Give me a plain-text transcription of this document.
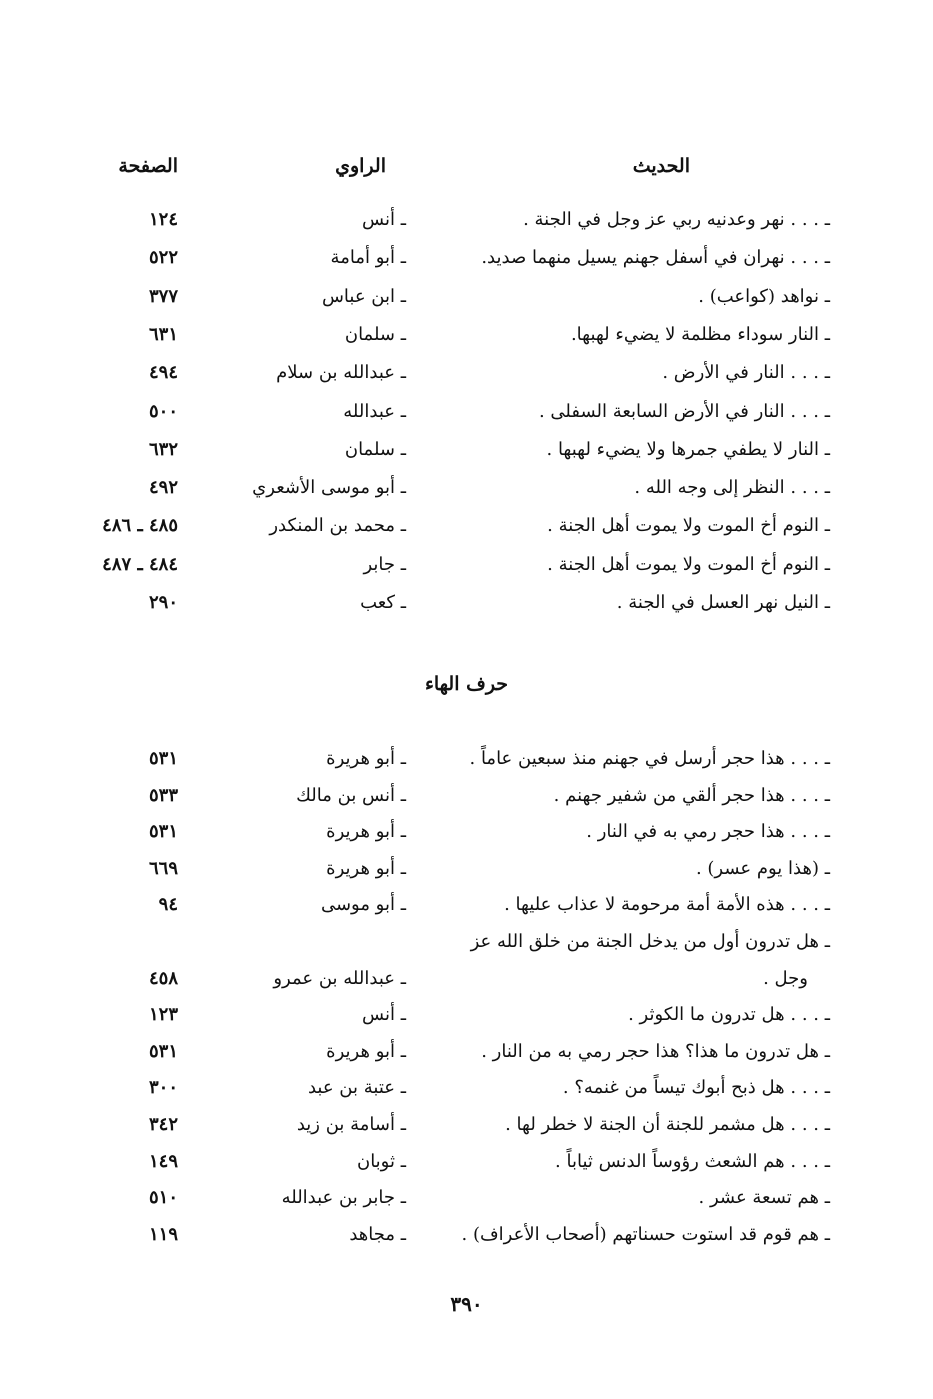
الحديث
الراوي
الصفحة
ـ . . . نهر وعدنيه ربي عز وجل في الجنة .
ـ أنس
١٢٤
ـ . . . نهران في أسفل جهنم يسيل منهما صديد.
ـ أبو أمامة
٥٢٢
ـ نواهد (كواعب) .
ـ ابن عباس
٣٧٧
ـ النار سوداء مظلمة لا يضيء لهبها.
ـ سلمان
٦٣١
ـ . . . النار في الأرض .
ـ عبدالله بن سلام
٤٩٤
ـ . . . النار في الأرض السابعة السفلى .
ـ عبدالله
٥٠٠
ـ النار لا يطفي جمرها ولا يضيء لهبها .
ـ سلمان
٦٣٢
ـ . . . النظر إلى وجه الله .
ـ أبو موسى الأشعري
٤٩٢
ـ النوم أخ الموت ولا يموت أهل الجنة .
ـ محمد بن المنكدر
٤٨٥ ـ ٤٨٦
ـ النوم أخ الموت ولا يموت أهل الجنة .
ـ جابر
٤٨٤ ـ ٤٨٧
ـ النيل نهر العسل في الجنة .
ـ كعب
٢٩٠
حرف الهاء
ـ . . . هذا حجر أرسل في جهنم منذ سبعين عاماً .
ـ أبو هريرة
٥٣١
ـ . . . هذا حجر ألقي من شفير جهنم .
ـ أنس بن مالك
٥٣٣
ـ . . . هذا حجر رمي به في النار .
ـ أبو هريرة
٥٣١
ـ (هذا يوم عسر) .
ـ أبو هريرة
٦٦٩
ـ . . . هذه الأمة أمة مرحومة لا عذاب عليها .
ـ أبو موسى
٩٤
ـ هل تدرون أول من يدخل الجنة من خلق الله عز
وجل .
ـ عبدالله بن عمرو
٤٥٨
ـ . . . هل تدرون ما الكوثر .
ـ أنس
١٢٣
ـ هل تدرون ما هذا؟ هذا حجر رمي به من النار .
ـ أبو هريرة
٥٣١
ـ . . . هل ذبح أبوك تيساً من غنمه؟ .
ـ عتبة بن عبد
٣٠٠
ـ . . . هل مشمر للجنة أن الجنة لا خطر لها .
ـ أسامة بن زيد
٣٤٢
ـ . . . هم الشعث رؤوساً الدنس ثياباً .
ـ ثوبان
١٤٩
ـ هم تسعة عشر .
ـ جابر بن عبدالله
٥١٠
ـ هم قوم قد استوت حسناتهم (أصحاب الأعراف) .
ـ مجاهد
١١٩
٣٩٠
